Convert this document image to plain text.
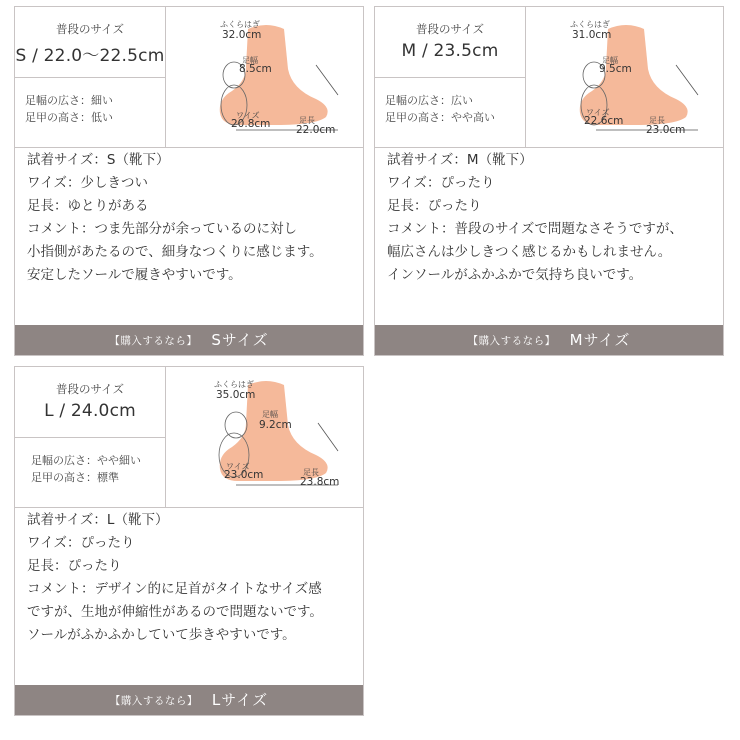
普段のサイズ
S / 22.0〜22.5cm
足幅の広さ：細い
足甲の高さ：低い
ふくらはぎ
32.0cm
足幅
8.5cm
ワイズ
20.8cm	足長
22.0cm
試着サイズ：S（靴下）
ワイズ：少しきつい
足長：ゆとりがある
コメント：つま先部分が余っているのに対し
小指側があたるので、細身なつくりに感じます。
安定したソールで履きやすいです。
【購入するなら】 Sサイズ
普段のサイズ
M / 23.5cm
足幅の広さ：広い
足甲の高さ：やや高い
ふくらはぎ
31.0cm
足幅
9.5cm
ワイズ
22.6cm	足長
23.0cm
試着サイズ：M（靴下）
ワイズ：ぴったり
足長：ぴったり
コメント：普段のサイズで問題なさそうですが、
幅広さんは少しきつく感じるかもしれません。
インソールがふかふかで気持ち良いです。
【購入するなら】 Mサイズ
普段のサイズ
L / 24.0cm
足幅の広さ：やや細い
足甲の高さ：標準
ふくらはぎ
35.0cm
足幅
9.2cm
ワイズ
23.0cm	足長
23.8cm
試着サイズ：L（靴下）
ワイズ：ぴったり
足長：ぴったり
コメント：デザイン的に足首がタイトなサイズ感
ですが、生地が伸縮性があるので問題ないです。
ソールがふかふかしていて歩きやすいです。
【購入するなら】 Lサイズ
